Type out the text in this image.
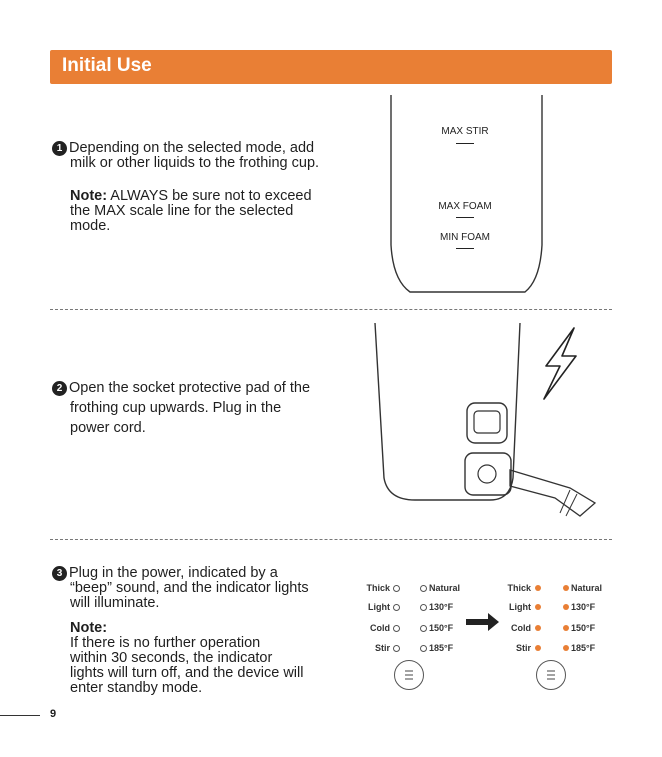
Initial Use
1 Depending on the selected mode, add
milk or other liquids to the frothing cup.
Note: ALWAYS be sure not to exceed
the MAX scale line for the selected
mode.
MAX STIR
MAX FOAM
MIN FOAM
2 Open the socket protective pad of the
frothing cup upwards. Plug in the
power cord.
3 Plug in the power, indicated by a
“beep” sound, and the indicator lights
will illuminate.
Note:
If there is no further operation
within 30 seconds, the indicator
lights will turn off, and the device will
enter standby mode.
Thick	Natural
Light	130°F
Cold	150°F
Stir	185°F
Thick	Natural
Light	130°F
Cold	150°F
Stir	185°F
9
